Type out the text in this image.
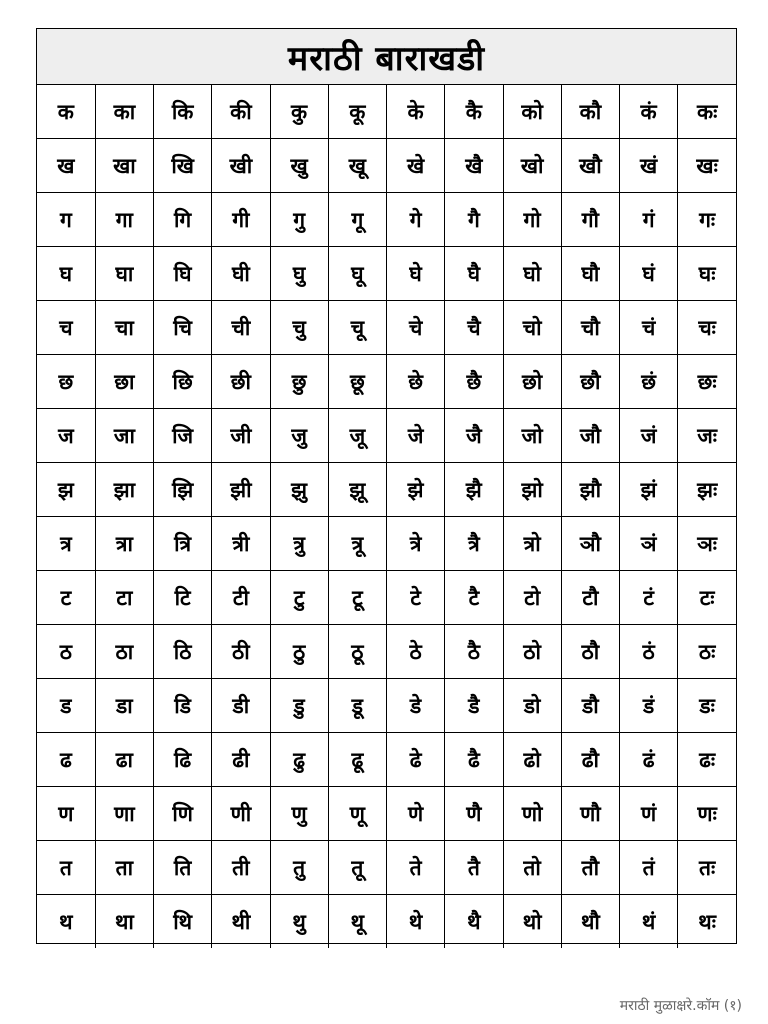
मराठी बाराखडी
क	का	कि	की	कु	कू	के	कै	को	कौ	कं	कः
ख	खा	खि	खी	खु	खू	खे	खै	खो	खौ	खं	खः
ग	गा	गि	गी	गु	गू	गे	गै	गो	गौ	गं	गः
घ	घा	घि	घी	घु	घू	घे	घै	घो	घौ	घं	घः
च	चा	चि	ची	चु	चू	चे	चै	चो	चौ	चं	चः
छ	छा	छि	छी	छु	छू	छे	छै	छो	छौ	छं	छः
ज	जा	जि	जी	जु	जू	जे	जै	जो	जौ	जं	जः
झ	झा	झि	झी	झु	झू	झे	झै	झो	झौ	झं	झः
त्र	त्रा	त्रि	त्री	त्रु	त्रू	त्रे	त्रै	त्रो	ञौ	ञं	ञः
ट	टा	टि	टी	टु	टू	टे	टै	टो	टौ	टं	टः
ठ	ठा	ठि	ठी	ठु	ठू	ठे	ठै	ठो	ठौ	ठं	ठः
ड	डा	डि	डी	डु	डू	डे	डै	डो	डौ	डं	डः
ढ	ढा	ढि	ढी	ढु	ढू	ढे	ढै	ढो	ढौ	ढं	ढः
ण	णा	णि	णी	णु	णू	णे	णै	णो	णौ	णं	णः
त	ता	ति	ती	तु	तू	ते	तै	तो	तौ	तं	तः
थ	था	थि	थी	थु	थू	थे	थै	थो	थौ	थं	थः
मराठी मुळाक्षरे.कॉम (१)
